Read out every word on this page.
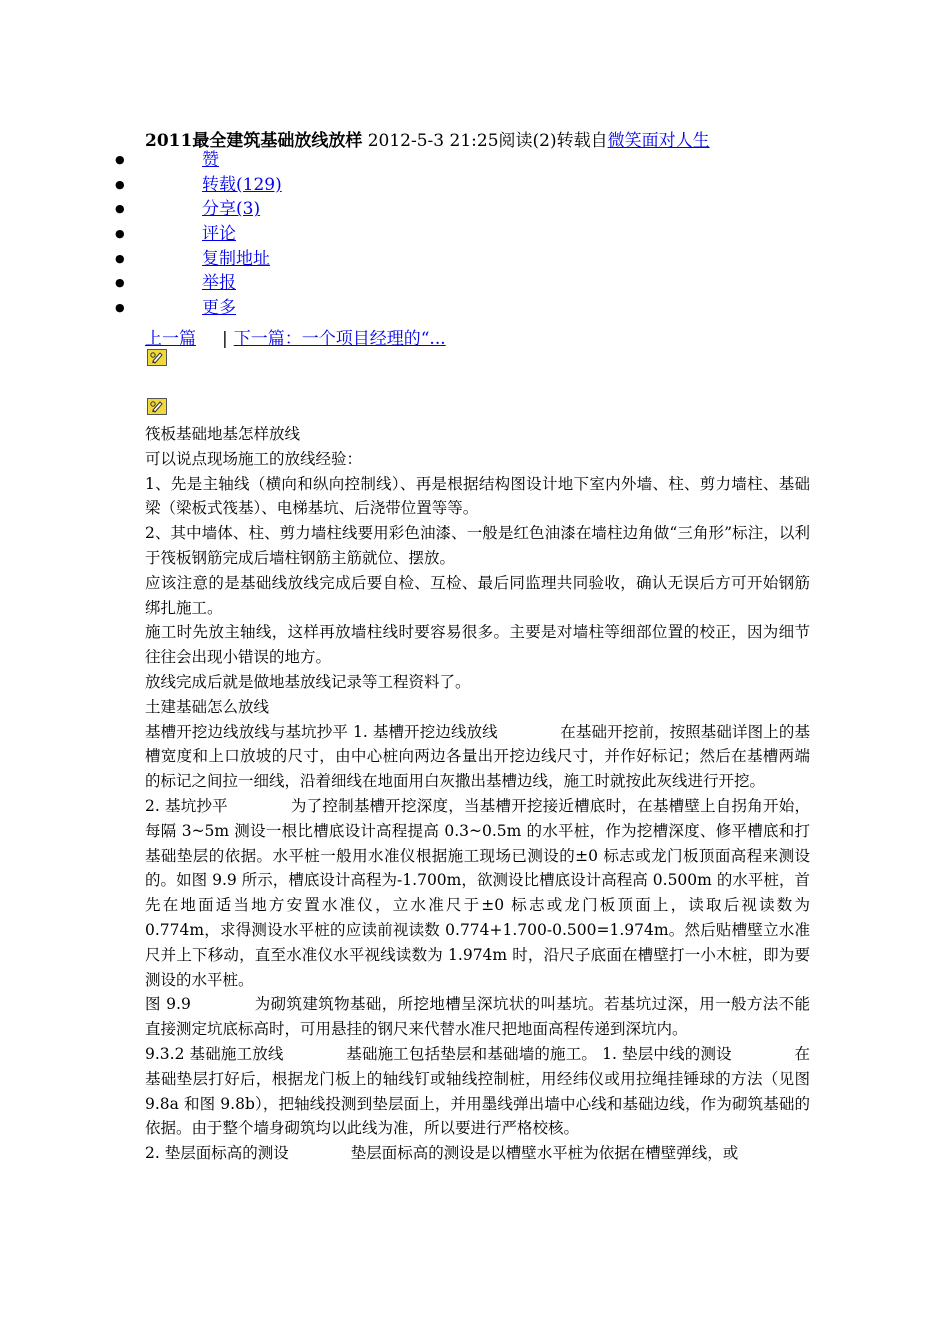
2011最全建筑基础放线放样 2012-5-3 21:25阅读(2)转载自微笑面对人生
●	赞
●	转载(129)
●	分享(3)
●	评论
●	复制地址
●	举报
●	更多
上一篇 | 下一篇：一个项目经理的“...

筏板基础地基怎样放线

可以说点现场施工的放线经验：

1、先是主轴线（横向和纵向控制线）、再是根据结构图设计地下室内外墙、柱、剪力墙柱、基础梁（梁板式筏基）、电梯基坑、后浇带位置等等。

2、其中墙体、柱、剪力墙柱线要用彩色油漆、一般是红色油漆在墙柱边角做“三角形”标注，以利于筏板钢筋完成后墙柱钢筋主筋就位、摆放。

应该注意的是基础线放线完成后要自检、互检、最后同监理共同验收，确认无误后方可开始钢筋绑扎施工。

施工时先放主轴线，这样再放墙柱线时要容易很多。主要是对墙柱等细部位置的校正，因为细节往往会出现小错误的地方。

放线完成后就是做地基放线记录等工程资料了。

土建基础怎么放线

基槽开挖边线放线与基坑抄平 1. 基槽开挖边线放线　　　　在基础开挖前，按照基础详图上的基槽宽度和上口放坡的尺寸，由中心桩向两边各量出开挖边线尺寸，并作好标记；然后在基槽两端的标记之间拉一细线，沿着细线在地面用白灰撒出基槽边线，施工时就按此灰线进行开挖。

2. 基坑抄平　　　　为了控制基槽开挖深度，当基槽开挖接近槽底时，在基槽壁上自拐角开始，每隔 3~5m 测设一根比槽底设计高程提高 0.3~0.5m 的水平桩，作为挖槽深度、修平槽底和打基础垫层的依据。水平桩一般用水准仪根据施工现场已测设的±0 标志或龙门板顶面高程来测设的。如图 9.9 所示，槽底设计高程为-1.700m，欲测设比槽底设计高程高 0.500m 的水平桩，首先在地面适当地方安置水准仪，立水准尺于±0 标志或龙门板顶面上，读取后视读数为 0.774m，求得测设水平桩的应读前视读数 0.774+1.700-0.500=1.974m。然后贴槽壁立水准尺并上下移动，直至水准仪水平视线读数为 1.974m 时，沿尺子底面在槽壁打一小木桩，即为要测设的水平桩。

图 9.9　　　　为砌筑建筑物基础，所挖地槽呈深坑状的叫基坑。若基坑过深，用一般方法不能直接测定坑底标高时，可用悬挂的钢尺来代替水准尺把地面高程传递到深坑内。

9.3.2 基础施工放线　　　　基础施工包括垫层和基础墙的施工。 1. 垫层中线的测设　　　　在基础垫层打好后，根据龙门板上的轴线钉或轴线控制桩，用经纬仪或用拉绳挂锤球的方法（见图 9.8a 和图 9.8b），把轴线投测到垫层面上，并用墨线弹出墙中心线和基础边线，作为砌筑基础的依据。由于整个墙身砌筑均以此线为准，所以要进行严格校核。

2. 垫层面标高的测设　　　　垫层面标高的测设是以槽壁水平桩为依据在槽壁弹线，或
